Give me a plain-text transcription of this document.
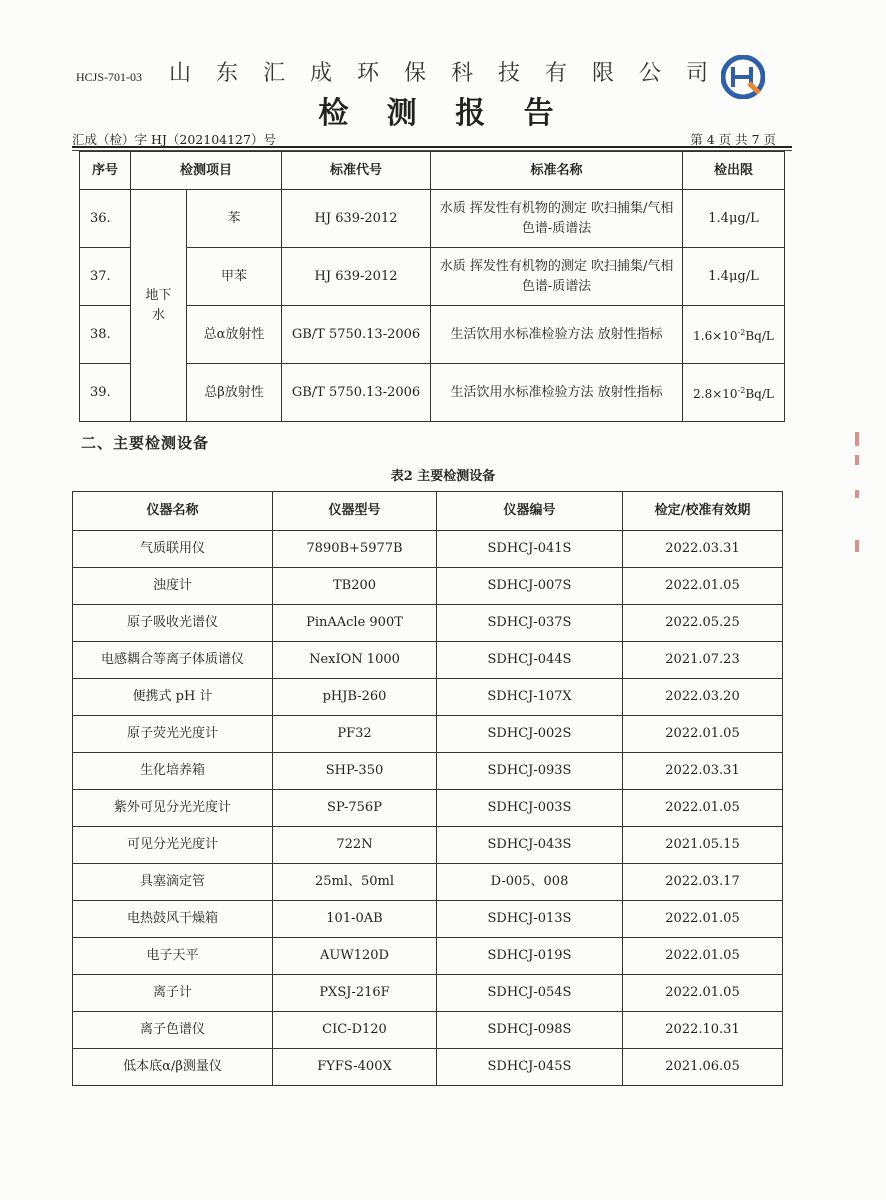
HCJS-701-03	山 东 汇 成 环 保 科 技 有 限 公 司
检 测 报 告
汇成（检）字 HJ（202104127）号	第 4 页 共 7 页
序号	检测项目		标准代号	标准名称	检出限
36.	地下水	苯	HJ 639-2012	水质 挥发性有机物的测定 吹扫捕集/气相色谱-质谱法	1.4μg/L
37.		甲苯	HJ 639-2012	水质 挥发性有机物的测定 吹扫捕集/气相色谱-质谱法	1.4μg/L
38.		总α放射性	GB/T 5750.13-2006	生活饮用水标准检验方法 放射性指标	$1.6\times 10^{-2}Bq/L$
39.		总β放射性	GB/T 5750.13-2006	生活饮用水标准检验方法 放射性指标	$2.8\times 10^{-2}Bq/L$
二、主要检测设备
表2 主要检测设备
仪器名称	仪器型号	仪器编号	检定/校准有效期
气质联用仪	7890B+5977B	SDHCJ-041S	2022.03.31
浊度计	TB200	SDHCJ-007S	2022.01.05
原子吸收光谱仪	PinAAcle 900T	SDHCJ-037S	2022.05.25
电感耦合等离子体质谱仪	NexION 1000	SDHCJ-044S	2021.07.23
便携式 pH 计	pHJB-260	SDHCJ-107X	2022.03.20
原子荧光光度计	PF32	SDHCJ-002S	2022.01.05
生化培养箱	SHP-350	SDHCJ-093S	2022.03.31
紫外可见分光光度计	SP-756P	SDHCJ-003S	2022.01.05
可见分光光度计	722N	SDHCJ-043S	2021.05.15
具塞滴定管	25ml、50ml	D-005、008	2022.03.17
电热鼓风干燥箱	101-0AB	SDHCJ-013S	2022.01.05
电子天平	AUW120D	SDHCJ-019S	2022.01.05
离子计	PXSJ-216F	SDHCJ-054S	2022.01.05
离子色谱仪	CIC-D120	SDHCJ-098S	2022.10.31
低本底α/β测量仪	FYFS-400X	SDHCJ-045S	2021.06.05
